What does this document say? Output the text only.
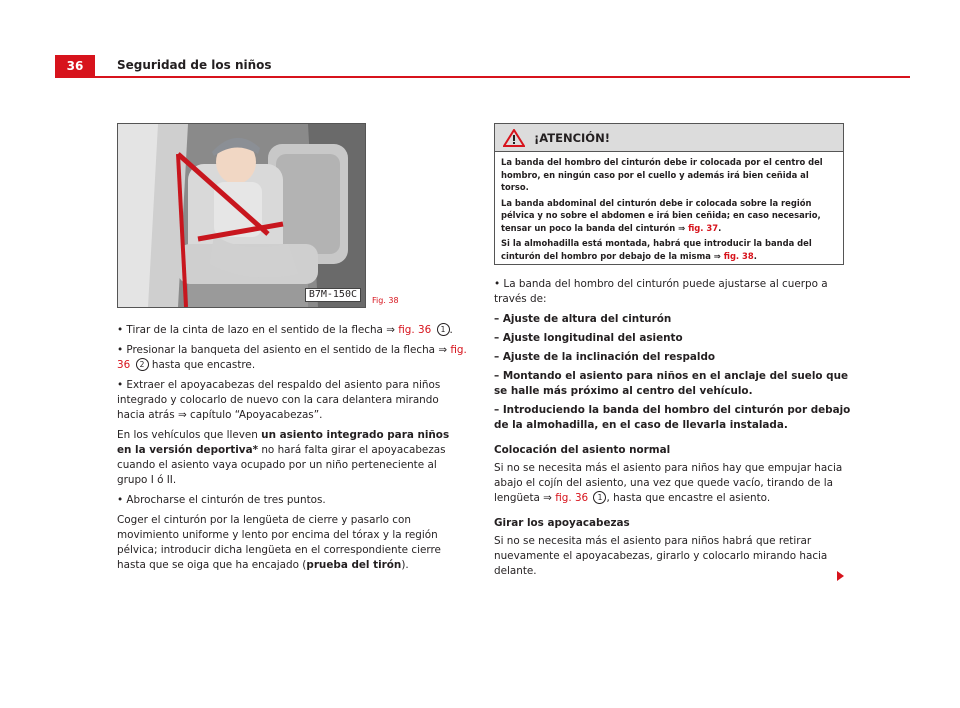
36	Seguridad de los niños
B7M-150C
Fig. 38
¡ATENCIÓN!

La banda del hombro del cinturón debe ir colocada por el centro del hombro, en ningún caso por el cuello y además irá bien ceñida al torso.

La banda abdominal del cinturón debe ir colocada sobre la región pélvica y no sobre el abdomen e irá bien ceñida; en caso necesario, tensar un poco la banda del cinturón ⇒ fig. 37.

Si la almohadilla está montada, habrá que introducir la banda del cinturón del hombro por debajo de la misma ⇒ fig. 38.

• Tirar de la cinta de lazo en el sentido de la flecha ⇒ fig. 36 1 .

• Presionar la banqueta del asiento en el sentido de la flecha ⇒ fig. 36 2 hasta que encastre.

• Extraer el apoyacabezas del respaldo del asiento para niños integrado y colocarlo de nuevo con la cara delantera mirando hacia atrás ⇒ capítulo “Apoyacabezas”.

En los vehículos que lleven un asiento integrado para niños en la versión deportiva* no hará falta girar el apoyacabezas cuando el asiento vaya ocupado por un niño perteneciente al grupo I ó II.

• Abrocharse el cinturón de tres puntos.

Coger el cinturón por la lengüeta de cierre y pasarlo con movimiento uniforme y lento por encima del tórax y la región pélvica; introducir dicha lengüeta en el correspondiente cierre hasta que se oiga que ha encajado (prueba del tirón).

• La banda del hombro del cinturón puede ajustarse al cuerpo a través de:

– Ajuste de altura del cinturón

– Ajuste longitudinal del asiento

– Ajuste de la inclinación del respaldo

– Montando el asiento para niños en el anclaje del suelo que se halle más próximo al centro del vehículo.

– Introduciendo la banda del hombro del cinturón por debajo de la almohadilla, en el caso de llevarla instalada.

Colocación del asiento normal

Si no se necesita más el asiento para niños hay que empujar hacia abajo el cojín del asiento, una vez que quede vacío, tirando de la lengüeta ⇒ fig. 36 1 , hasta que encastre el asiento.

Girar los apoyacabezas

Si no se necesita más el asiento para niños habrá que retirar nuevamente el apoyacabezas, girarlo y colocarlo mirando hacia delante.
